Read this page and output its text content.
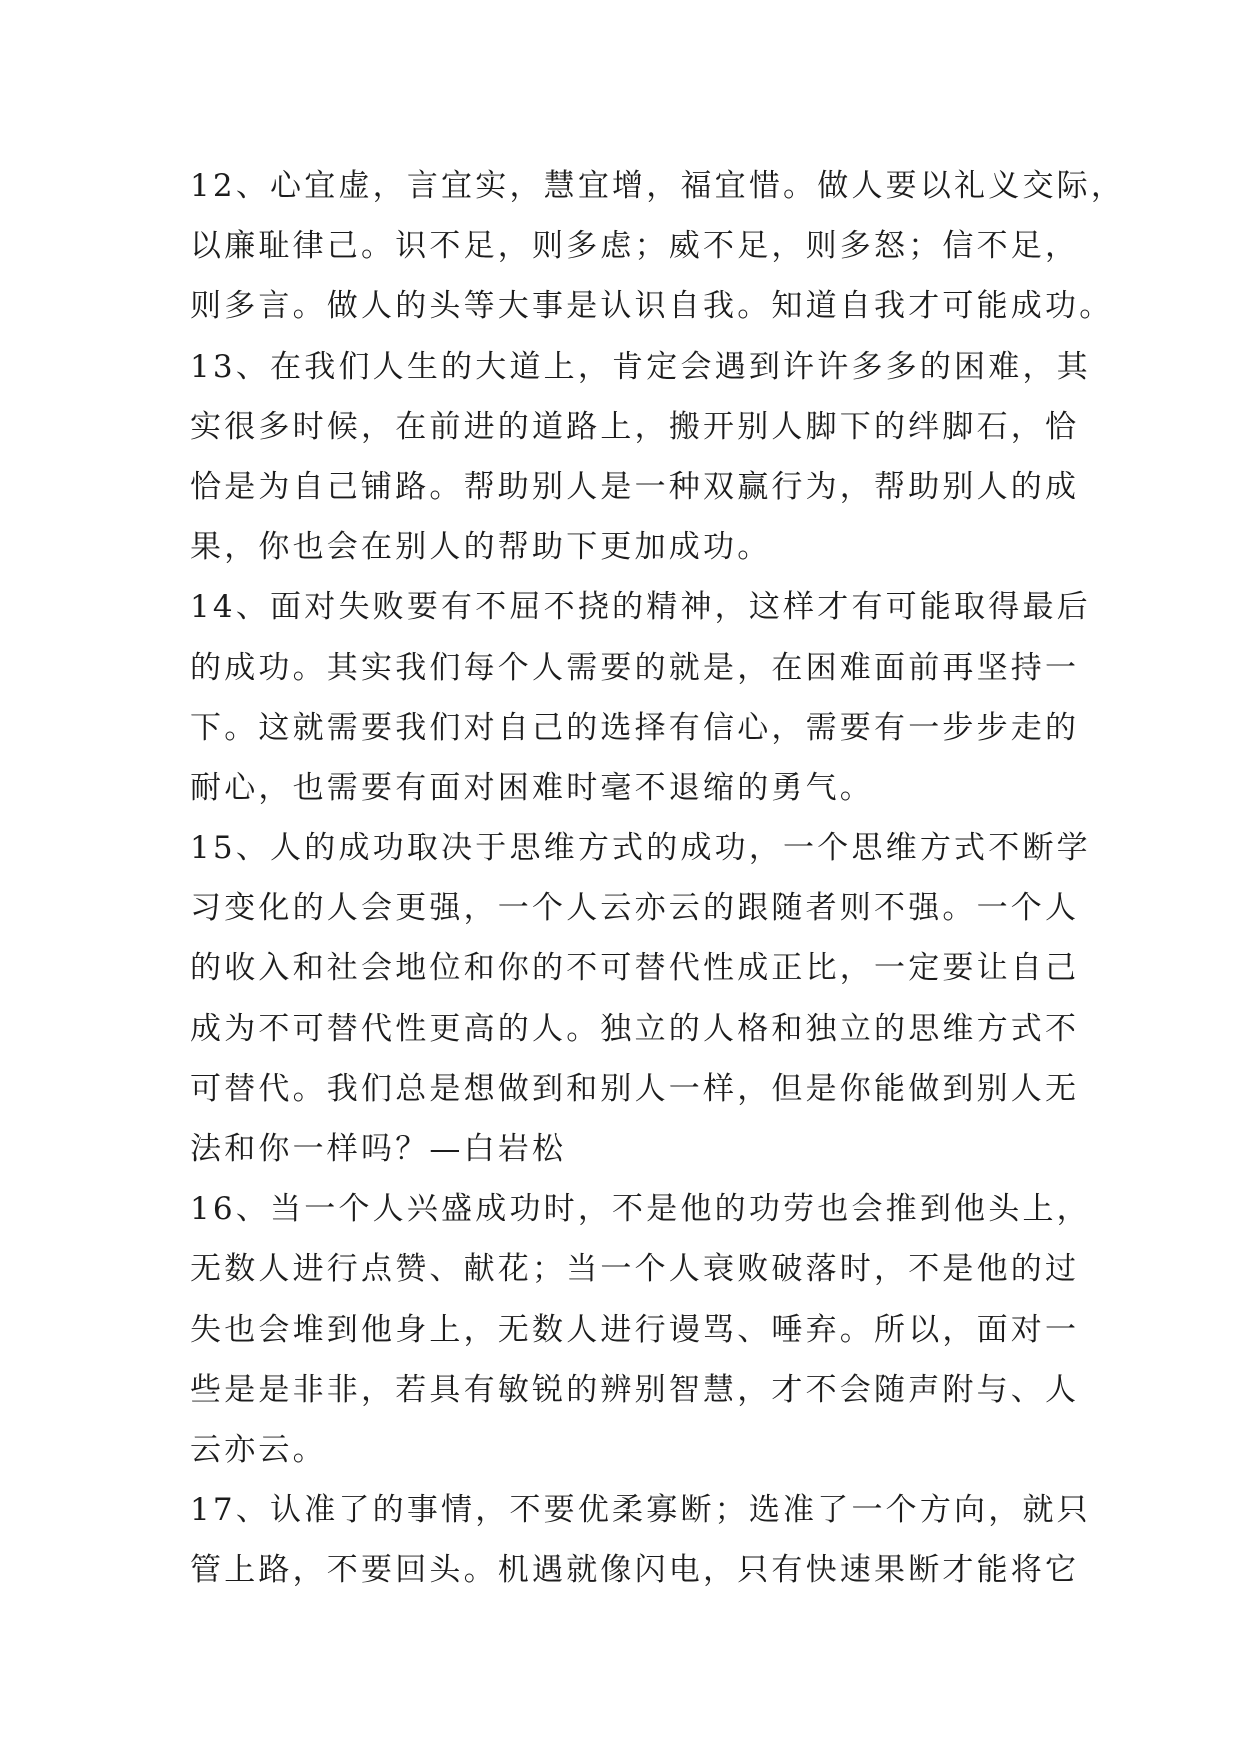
12、心宜虚，言宜实，慧宜增，福宜惜。做人要以礼义交际，
以廉耻律己。识不足，则多虑；威不足，则多怒；信不足，
则多言。做人的头等大事是认识自我。知道自我才可能成功。
13、在我们人生的大道上，肯定会遇到许许多多的困难，其
实很多时候，在前进的道路上，搬开别人脚下的绊脚石，恰
恰是为自己铺路。帮助别人是一种双赢行为，帮助别人的成
果，你也会在别人的帮助下更加成功。
14、面对失败要有不屈不挠的精神，这样才有可能取得最后
的成功。其实我们每个人需要的就是，在困难面前再坚持一
下。这就需要我们对自己的选择有信心，需要有一步步走的
耐心，也需要有面对困难时毫不退缩的勇气。
15、人的成功取决于思维方式的成功，一个思维方式不断学
习变化的人会更强，一个人云亦云的跟随者则不强。一个人
的收入和社会地位和你的不可替代性成正比，一定要让自己
成为不可替代性更高的人。独立的人格和独立的思维方式不
可替代。我们总是想做到和别人一样，但是你能做到别人无
法和你一样吗？—白岩松
16、当一个人兴盛成功时，不是他的功劳也会推到他头上，
无数人进行点赞、献花；当一个人衰败破落时，不是他的过
失也会堆到他身上，无数人进行谩骂、唾弃。所以，面对一
些是是非非，若具有敏锐的辨别智慧，才不会随声附与、人
云亦云。
17、认准了的事情，不要优柔寡断；选准了一个方向，就只
管上路，不要回头。机遇就像闪电，只有快速果断才能将它
